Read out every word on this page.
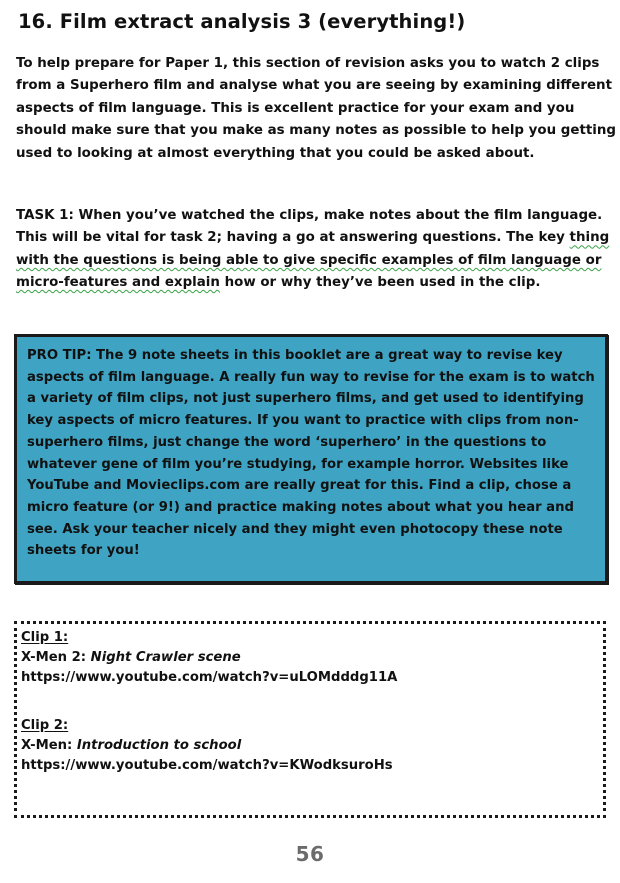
16. Film extract analysis 3 (everything!)

To help prepare for Paper 1, this section of revision asks you to watch 2 clips
from a Superhero film and analyse what you are seeing by examining different
aspects of film language. This is excellent practice for your exam and you
should make sure that you make as many notes as possible to help you getting
used to looking at almost everything that you could be asked about.

TASK 1: When you’ve watched the clips, make notes about the film language.
This will be vital for task 2; having a go at answering questions. The key thing
with the questions is being able to give specific examples of film language or
micro-features and explain how or why they’ve been used in the clip.

PRO TIP: The 9 note sheets in this booklet are a great way to revise key
aspects of film language. A really fun way to revise for the exam is to watch
a variety of film clips, not just superhero films, and get used to identifying
key aspects of micro features. If you want to practice with clips from non-
superhero films, just change the word ‘superhero’ in the questions to
whatever gene of film you’re studying, for example horror. Websites like
YouTube and Movieclips.com are really great for this. Find a clip, chose a
micro feature (or 9!) and practice making notes about what you hear and
see. Ask your teacher nicely and they might even photocopy these note
sheets for you!

Clip 1:
X-Men 2: Night Crawler scene
https://www.youtube.com/watch?v=uLOMdddg11A
Clip 2:
X-Men: Introduction to school
https://www.youtube.com/watch?v=KWodksuroHs
56
